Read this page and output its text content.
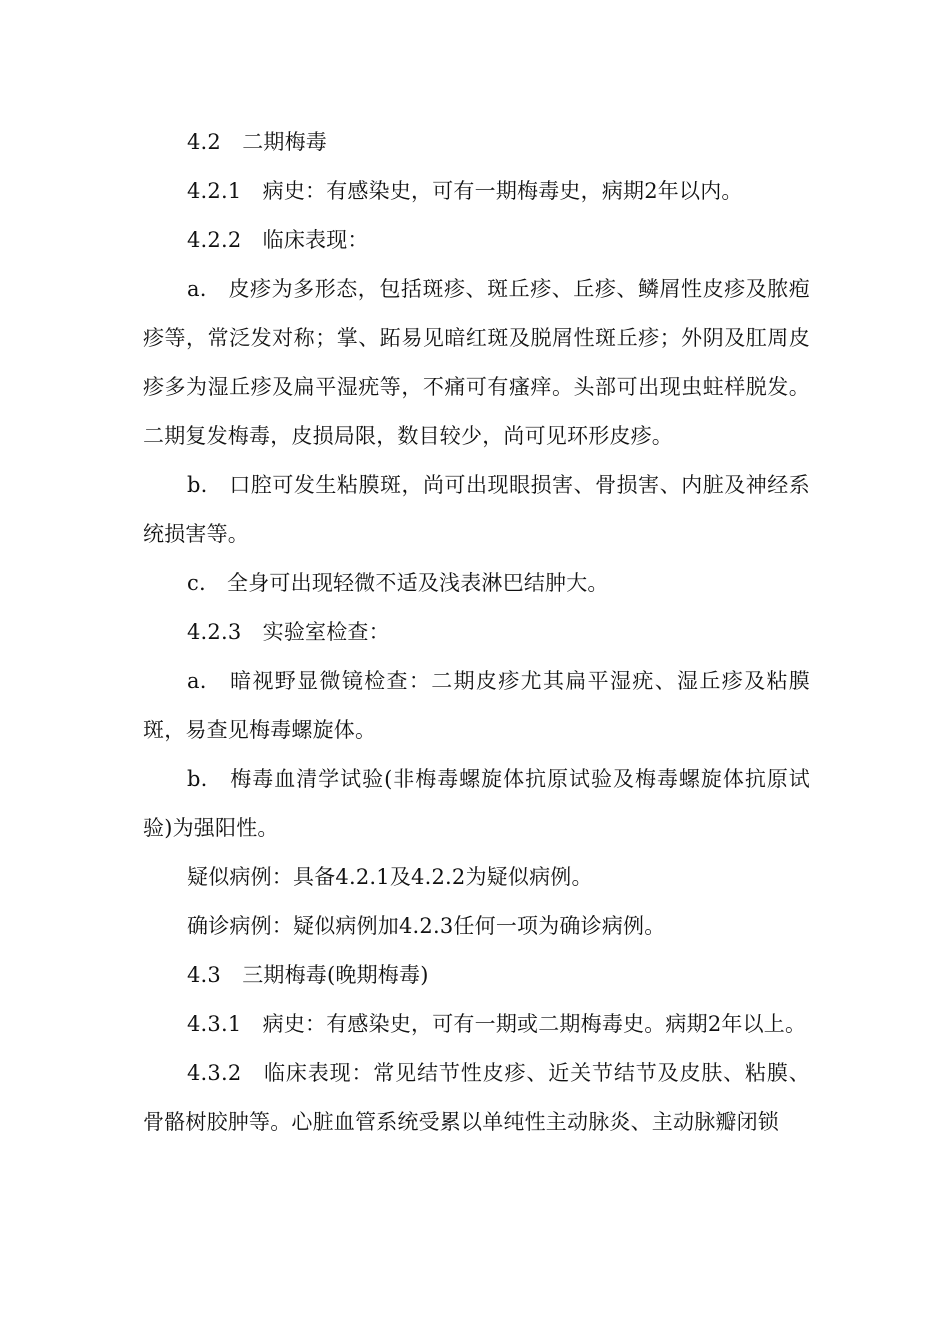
4.2　二期梅毒

4.2.1　病史：有感染史，可有一期梅毒史，病期2年以内。

4.2.2　临床表现：

a.　皮疹为多形态，包括斑疹、斑丘疹、丘疹、鳞屑性皮疹及脓疱疹等，常泛发对称；掌、跖易见暗红斑及脱屑性斑丘疹；外阴及肛周皮疹多为湿丘疹及扁平湿疣等，不痛可有瘙痒。头部可出现虫蛀样脱发。二期复发梅毒，皮损局限，数目较少，尚可见环形皮疹。

b.　口腔可发生粘膜斑，尚可出现眼损害、骨损害、内脏及神经系统损害等。

c.　全身可出现轻微不适及浅表淋巴结肿大。

4.2.3　实验室检查：

a.　暗视野显微镜检查：二期皮疹尤其扁平湿疣、湿丘疹及粘膜斑，易查见梅毒螺旋体。

b.　梅毒血清学试验(非梅毒螺旋体抗原试验及梅毒螺旋体抗原试验)为强阳性。

疑似病例：具备4.2.1及4.2.2为疑似病例。

确诊病例：疑似病例加4.2.3任何一项为确诊病例。

4.3　三期梅毒(晚期梅毒)

4.3.1　病史：有感染史，可有一期或二期梅毒史。病期2年以上。

4.3.2　临床表现：常见结节性皮疹、近关节结节及皮肤、粘膜、骨骼树胶肿等。心脏血管系统受累以单纯性主动脉炎、主动脉瓣闭锁
